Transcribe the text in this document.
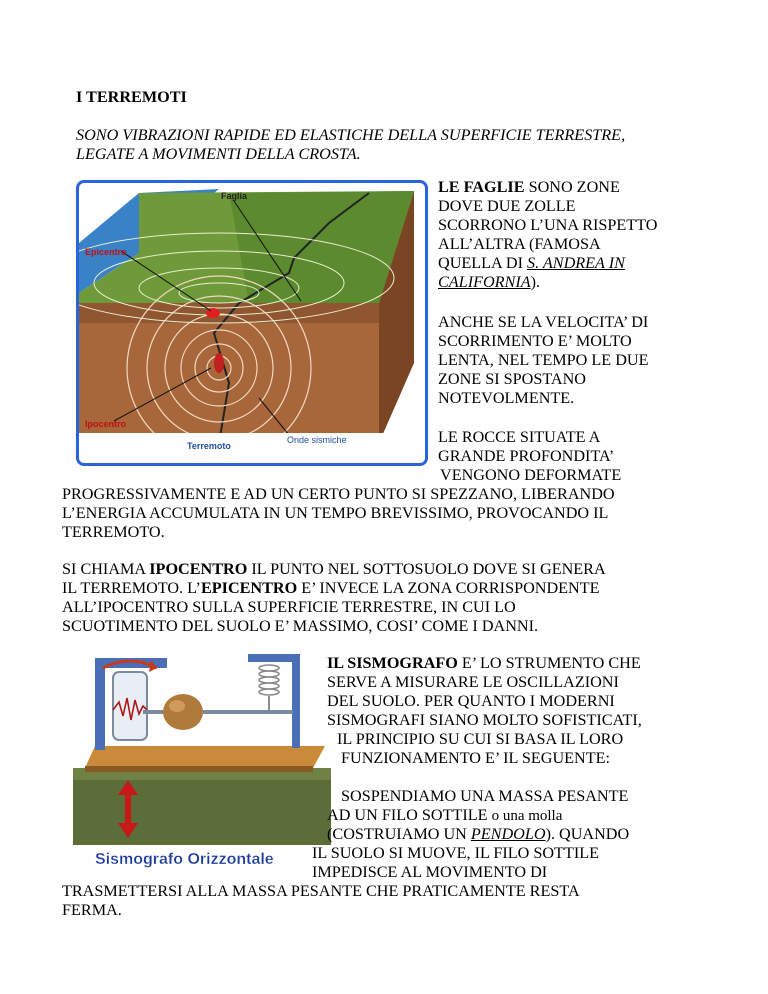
I TERREMOTI
SONO VIBRAZIONI RAPIDE ED ELASTICHE DELLA SUPERFICIE TERRESTRE,
LEGATE A MOVIMENTI DELLA CROSTA.
Faglia
Epicentro
Ipocentro
Terremoto
Onde sismiche
LE FAGLIE SONO ZONE
DOVE DUE ZOLLE
SCORRONO L’UNA RISPETTO
ALL’ALTRA (FAMOSA
QUELLA DI S. ANDREA IN
CALIFORNIA).
ANCHE SE LA VELOCITA’ DI
SCORRIMENTO E’ MOLTO
LENTA, NEL TEMPO LE DUE
ZONE SI SPOSTANO
NOTEVOLMENTE.
LE ROCCE SITUATE A
GRANDE PROFONDITA’
VENGONO DEFORMATE
PROGRESSIVAMENTE E AD UN CERTO PUNTO SI SPEZZANO, LIBERANDO
L’ENERGIA ACCUMULATA IN UN TEMPO BREVISSIMO, PROVOCANDO IL
TERREMOTO.
SI CHIAMA IPOCENTRO IL PUNTO NEL SOTTOSUOLO DOVE SI GENERA
IL TERREMOTO. L’EPICENTRO E’ INVECE LA ZONA CORRISPONDENTE
ALL’IPOCENTRO SULLA SUPERFICIE TERRESTRE, IN CUI LO
SCUOTIMENTO DEL SUOLO E’ MASSIMO, COSI’ COME I DANNI.
Sismografo Orizzontale
IL SISMOGRAFO E’ LO STRUMENTO CHE
SERVE A MISURARE LE OSCILLAZIONI
DEL SUOLO. PER QUANTO I MODERNI
SISMOGRAFI SIANO MOLTO SOFISTICATI,
IL PRINCIPIO SU CUI SI BASA IL LORO
FUNZIONAMENTO E’ IL SEGUENTE:
SOSPENDIAMO UNA MASSA PESANTE
AD UN FILO SOTTILE o una molla
(COSTRUIAMO UN PENDOLO). QUANDO
IL SUOLO SI MUOVE, IL FILO SOTTILE
IMPEDISCE AL MOVIMENTO DI
TRASMETTERSI ALLA MASSA PESANTE CHE PRATICAMENTE RESTA
FERMA.
